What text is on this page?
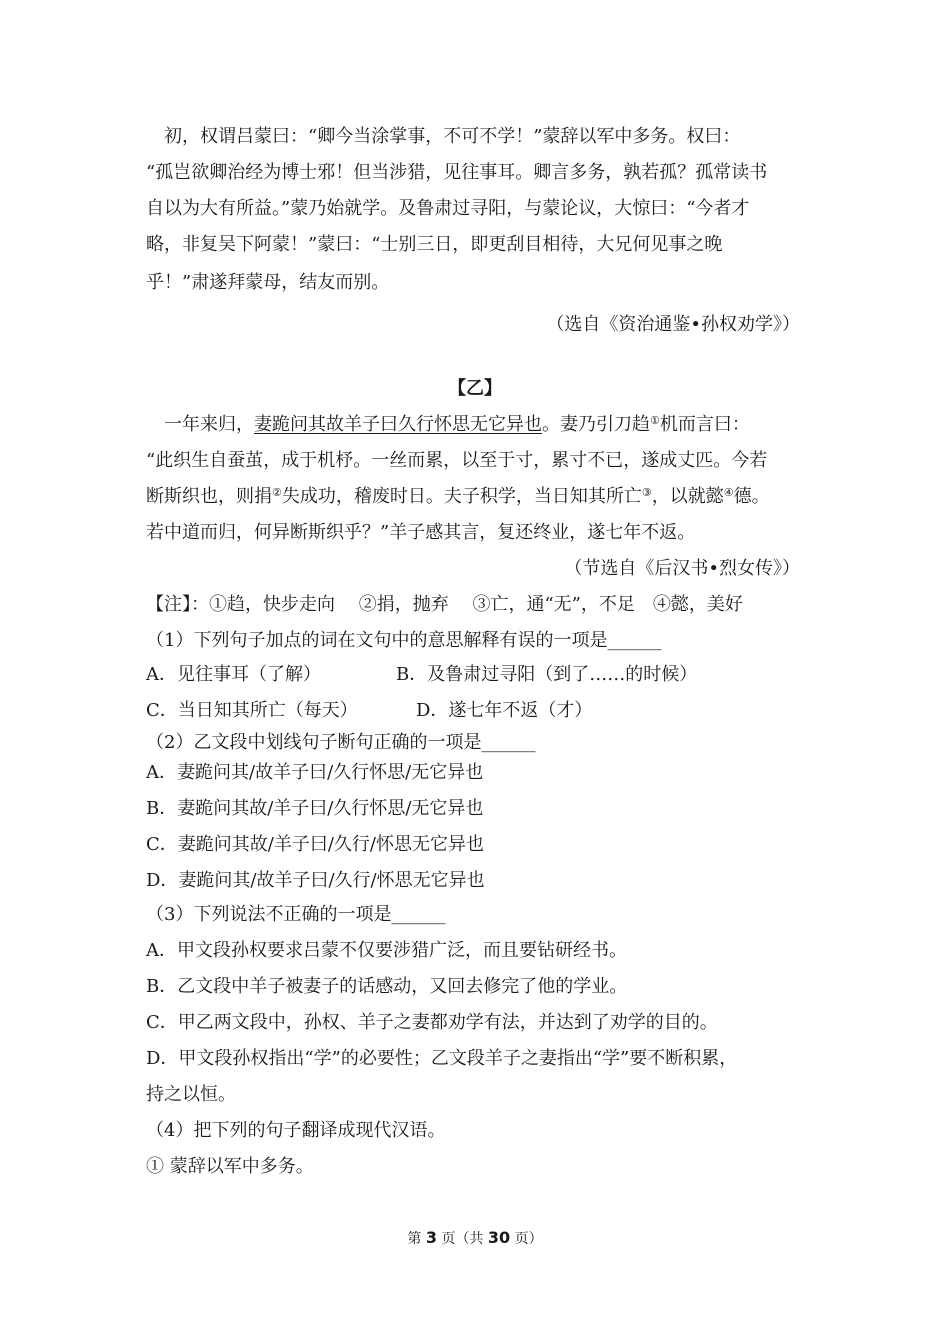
初，权谓吕蒙曰：“卿今当涂掌事，不可不学！”蒙辞以军中多务。权曰：
“孤岂欲卿治经为博士邪！但当涉猎，见往事耳。卿言多务，孰若孤？孤常读书
自以为大有所益。”蒙乃始就学。及鲁肃过寻阳，与蒙论议，大惊曰：“今者才
略，非复吴下阿蒙！”蒙曰：“士别三日，即更刮目相待，大兄何见事之晚
乎！”肃遂拜蒙母，结友而别。
（选自《资治通鉴•孙权劝学》）
【乙】
一年来归，妻跪问其故羊子曰久行怀思无它异也。妻乃引刀趋①机而言曰：
“此织生自蚕茧，成于机杼。一丝而累，以至于寸，累寸不已，遂成丈匹。今若
断斯织也，则捐②失成功，稽废时日。夫子积学，当日知其所亡③，以就懿④德。
若中道而归，何异断斯织乎？”羊子感其言，复还终业，遂七年不返。
（节选自《后汉书•烈女传》）
【注】：①趋，快步走向　 ②捐，抛弃　 ③亡，通“无”，不足　④懿，美好
（1）下列句子加点的词在文句中的意思解释有误的一项是______
A．见往事耳（了解）	B．及鲁肃过寻阳（到了……的时候）
C．当日知其所亡（每天）	D．遂七年不返（才）
（2）乙文段中划线句子断句正确的一项是______
A．妻跪问其/故羊子曰/久行怀思/无它异也
B．妻跪问其故/羊子曰/久行怀思/无它异也
C．妻跪问其故/羊子曰/久行/怀思无它异也
D．妻跪问其/故羊子曰/久行/怀思无它异也
（3）下列说法不正确的一项是______
A．甲文段孙权要求吕蒙不仅要涉猎广泛，而且要钻研经书。
B．乙文段中羊子被妻子的话感动，又回去修完了他的学业。
C．甲乙两文段中，孙权、羊子之妻都劝学有法，并达到了劝学的目的。
D．甲文段孙权指出“学”的必要性；乙文段羊子之妻指出“学”要不断积累，
持之以恒。
（4）把下列的句子翻译成现代汉语。
① 蒙辞以军中多务。
第 3 页（共 30 页）
